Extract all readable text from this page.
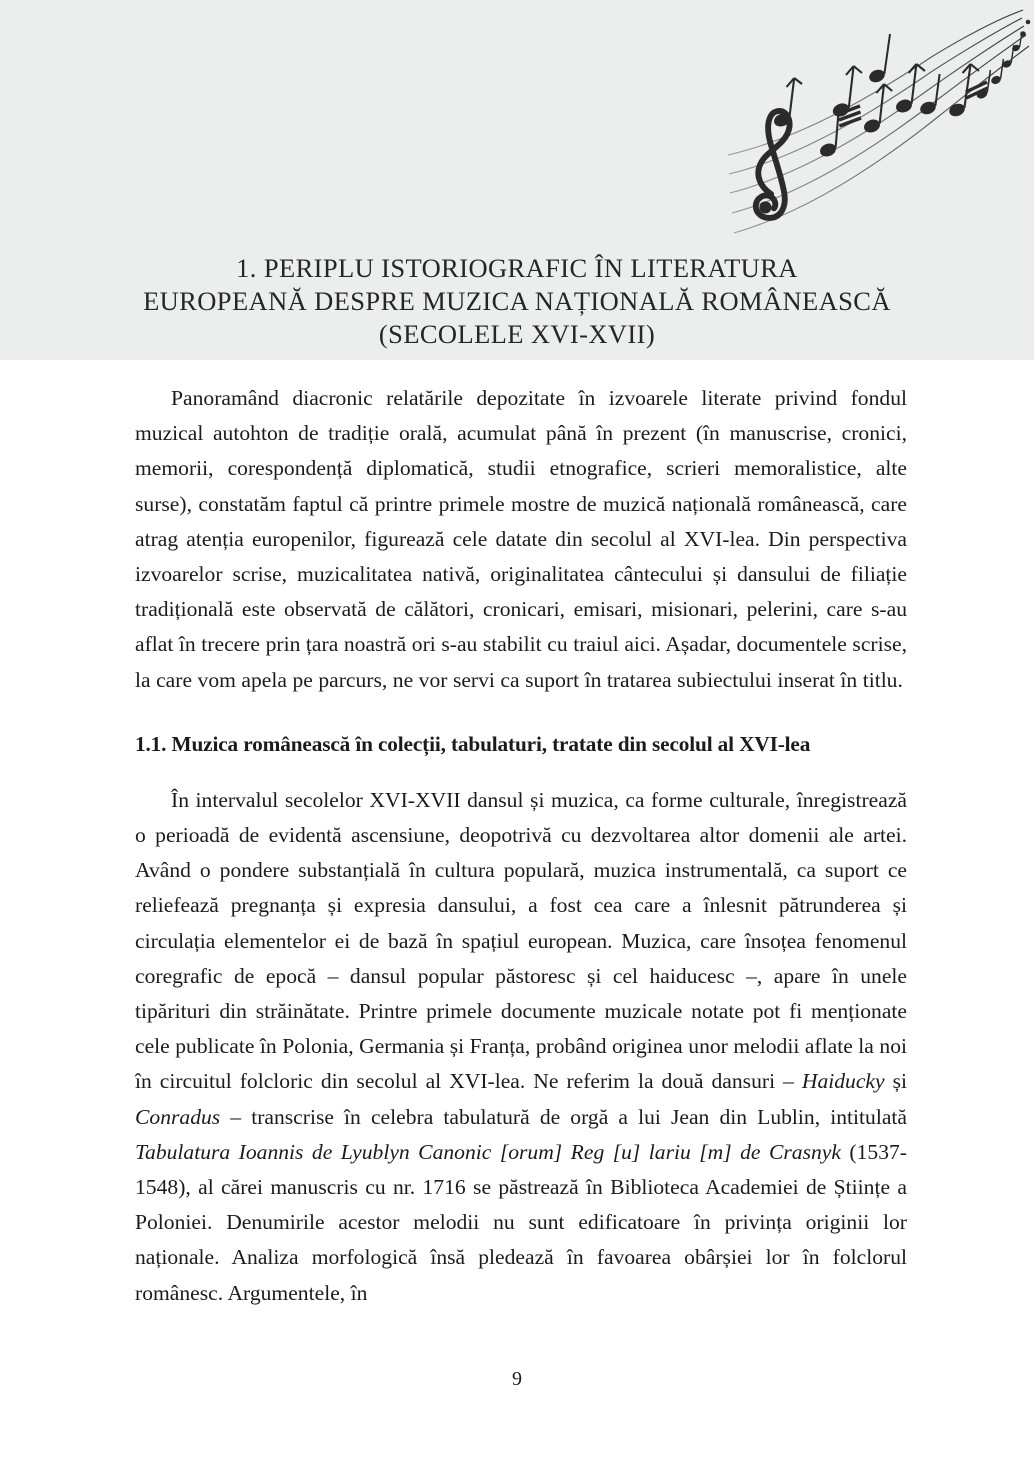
1. PERIPLU ISTORIOGRAFIC ÎN LITERATURA
EUROPEANĂ DESPRE MUZICA NAȚIONALĂ ROMÂNEASCĂ
(SECOLELE XVI-XVII)

Panoramând diacronic relatările depozitate în izvoarele literate privind fondul muzical autohton de tradiție orală, acumulat până în prezent (în manuscrise, cronici, memorii, corespondență diplomatică, studii etnografice, scrieri memoralistice, alte surse), constatăm faptul că printre primele mostre de muzică națională românească, care atrag atenția europenilor, figurează cele datate din secolul al XVI-lea. Din perspectiva izvoarelor scrise, muzicalitatea nativă, originalitatea cântecului și dansului de filiație tradițională este observată de călători, cronicari, emisari, misionari, pelerini, care s-au aflat în trecere prin țara noastră ori s-au stabilit cu traiul aici. Așadar, documentele scrise, la care vom apela pe parcurs, ne vor servi ca suport în tratarea subiectului inserat în titlu.

1.1. Muzica românească în colecții, tabulaturi, tratate din secolul al XVI-lea

În intervalul secolelor XVI-XVII dansul și muzica, ca forme culturale, înregistrează o perioadă de evidentă ascensiune, deopotrivă cu dezvoltarea altor domenii ale artei. Având o pondere substanțială în cultura populară, muzica instrumentală, ca suport ce reliefează pregnanța și expresia dansului, a fost cea care a înlesnit pătrunderea și circulația elementelor ei de bază în spațiul european. Muzica, care însoțea fenomenul coregrafic de epocă – dansul popular păstoresc și cel haiducesc –, apare în unele tipărituri din străinătate. Printre primele documente muzicale notate pot fi menționate cele publicate în Polonia, Germania și Franța, probând originea unor melodii aflate la noi în circuitul folcloric din secolul al XVI-lea. Ne referim la două dansuri – Haiducky și Conradus – transcrise în celebra tabulatură de orgă a lui Jean din Lublin, intitulată Tabulatura Ioannis de Lyublyn Canonic [orum] Reg [u] lariu [m] de Crasnyk (1537-1548), al cărei manuscris cu nr. 1716 se păstrează în Biblioteca Academiei de Științe a Poloniei. Denumirile acestor melodii nu sunt edificatoare în privința originii lor naționale. Analiza morfologică însă pledează în favoarea obârșiei lor în folclorul românesc. Argumentele, în

9
